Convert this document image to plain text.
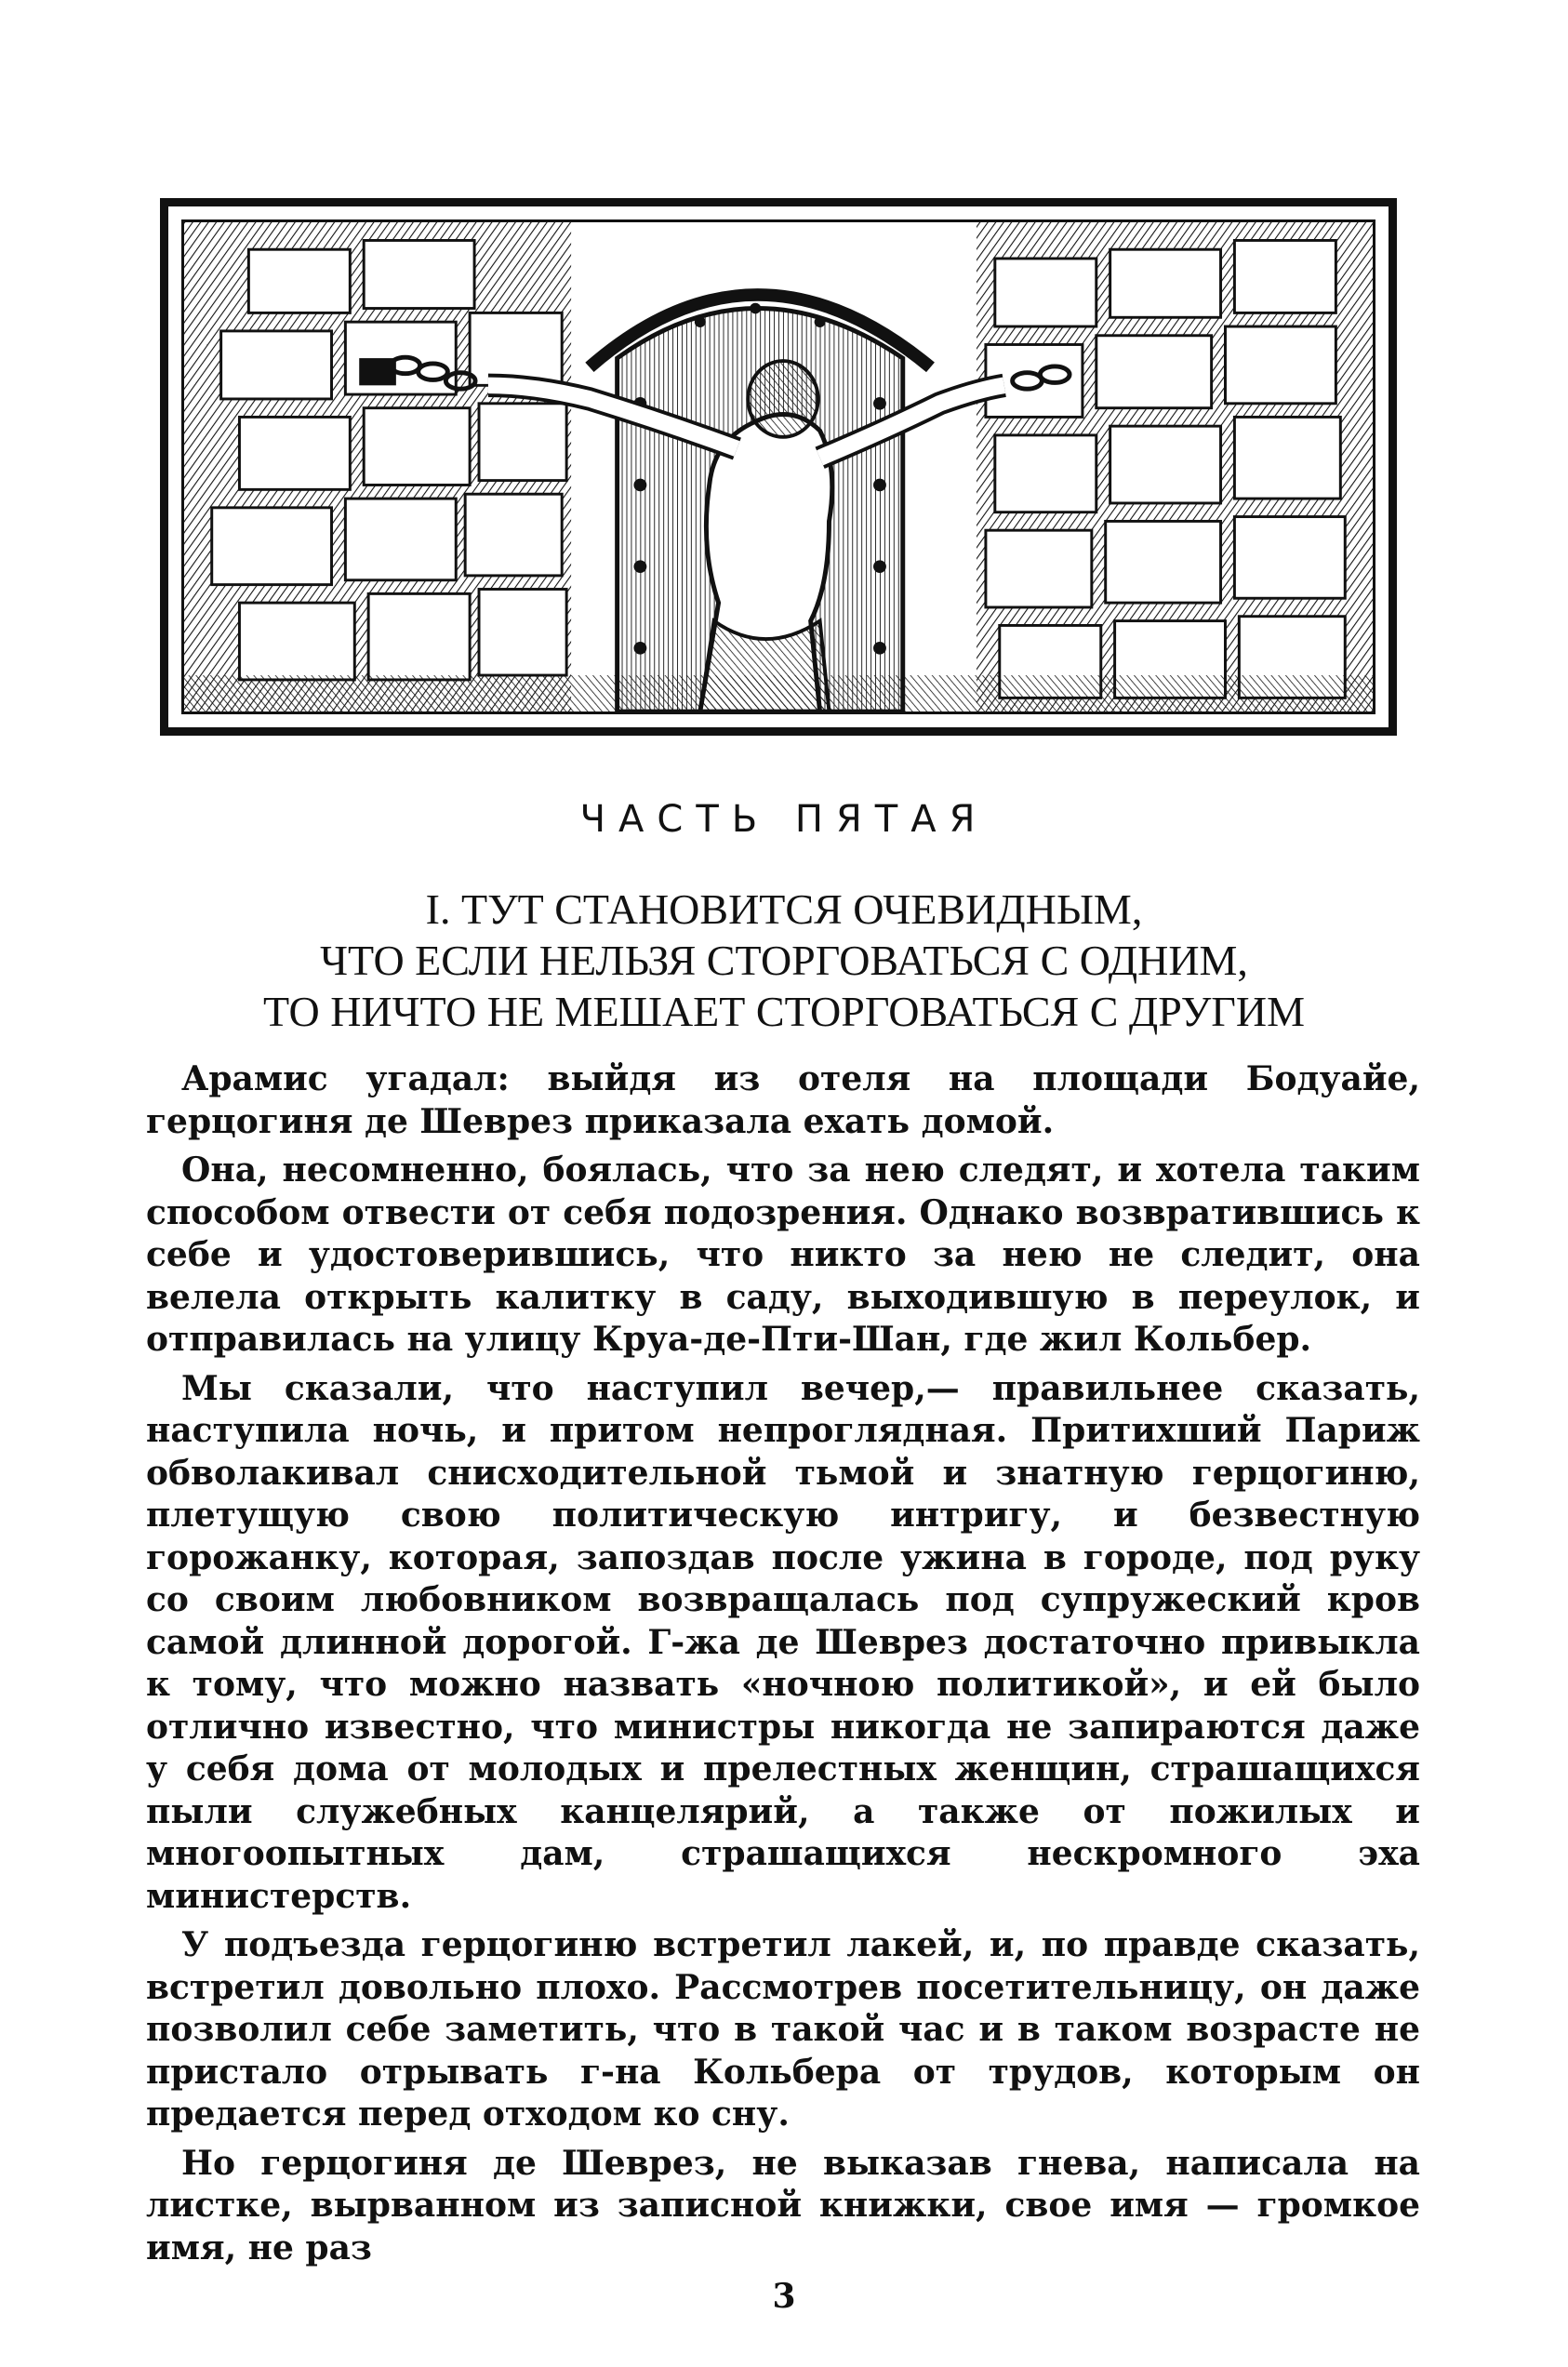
ЧАСТЬ ПЯТАЯ
I. ТУТ СТАНОВИТСЯ ОЧЕВИДНЫМ,
ЧТО ЕСЛИ НЕЛЬЗЯ СТОРГОВАТЬСЯ С ОДНИМ,
ТО НИЧТО НЕ МЕШАЕТ СТОРГОВАТЬСЯ С ДРУГИМ

Арамис угадал: выйдя из отеля на площади Бодуайе, герцогиня де Шеврез приказала ехать домой.

Она, несомненно, боялась, что за нею следят, и хотела таким способом отвести от себя подозрения. Однако возвратившись к себе и удостоверившись, что никто за нею не следит, она велела открыть калитку в саду, выходившую в переулок, и отправилась на улицу Круа-де-Пти-Шан, где жил Кольбер.

Мы сказали, что наступил вечер,— правильнее сказать, наступила ночь, и притом непроглядная. Притихший Париж обволакивал снисходительной тьмой и знатную герцогиню, плетущую свою политическую интригу, и безвестную горожанку, которая, запоздав после ужина в городе, под руку со своим любовником возвращалась под супружеский кров самой длинной дорогой. Г-жа де Шеврез достаточно привыкла к тому, что можно назвать «ночною политикой», и ей было отлично известно, что министры никогда не запираются даже у себя дома от молодых и прелестных женщин, страшащихся пыли служебных канцелярий, а также от пожилых и многоопытных дам, страшащихся нескромного эха министерств.

У подъезда герцогиню встретил лакей, и, по правде сказать, встретил довольно плохо. Рассмотрев посетительницу, он даже позволил себе заметить, что в такой час и в таком возрасте не пристало отрывать г-на Кольбера от трудов, которым он предается перед отходом ко сну.

Но герцогиня де Шеврез, не выказав гнева, написала на листке, вырванном из записной книжки, свое имя — громкое имя, не раз

3
